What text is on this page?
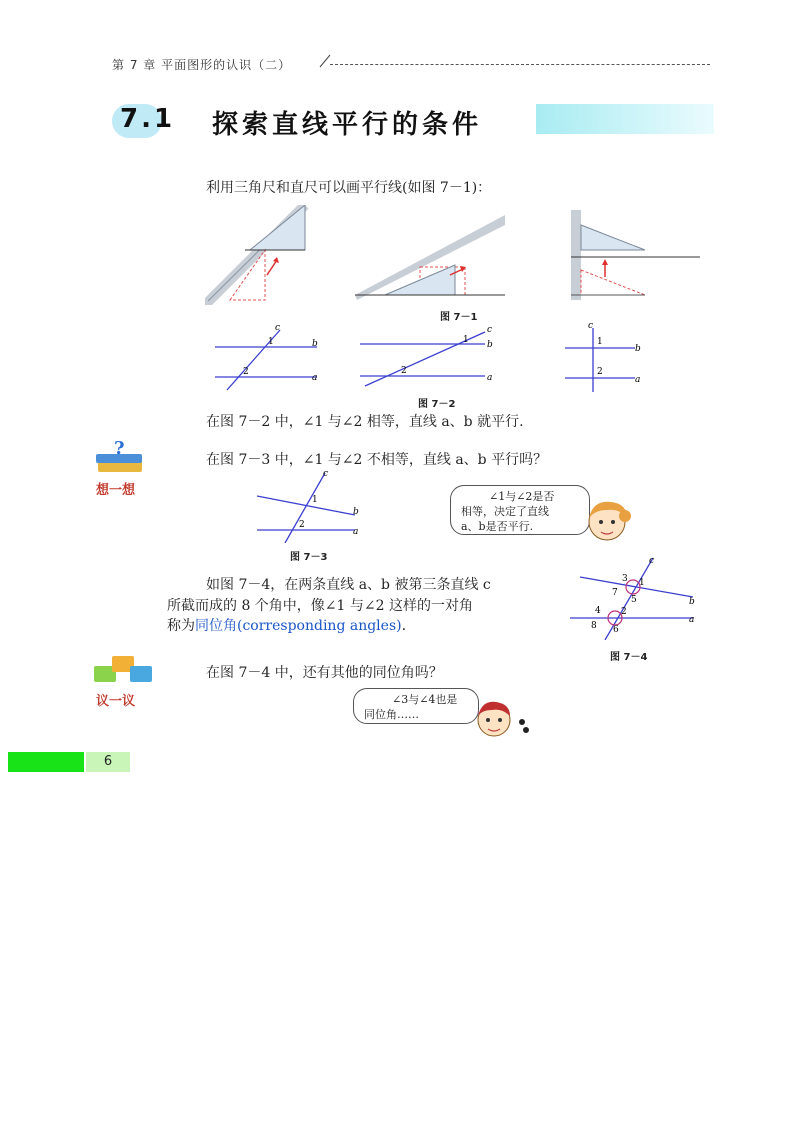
第 7 章 平面图形的认识（二）
7.1 探索直线平行的条件
利用三角尺和直尺可以画平行线(如图 7－1)：
图 7－1
c
b
a
1
2
c
b
a
1
2
c
b
a
1
2
图 7－2
在图 7－2 中，∠1 与∠2 相等，直线 a、b 就平行.
?
想一想
在图 7－3 中，∠1 与∠2 不相等，直线 a、b 平行吗？
c
b
a
1
2
图 7－3
∠1与∠2是否
相等，决定了直线
a、b是否平行.
如图 7－4，在两条直线 a、b 被第三条直线 c
所截而成的 8 个角中，像∠1 与∠2 这样的一对角
称为同位角(corresponding angles).
c
b
a
3 1
7
5
4 2
8 6
图 7－4
议一议
在图 7－4 中，还有其他的同位角吗？
∠3与∠4也是
同位角……
6
